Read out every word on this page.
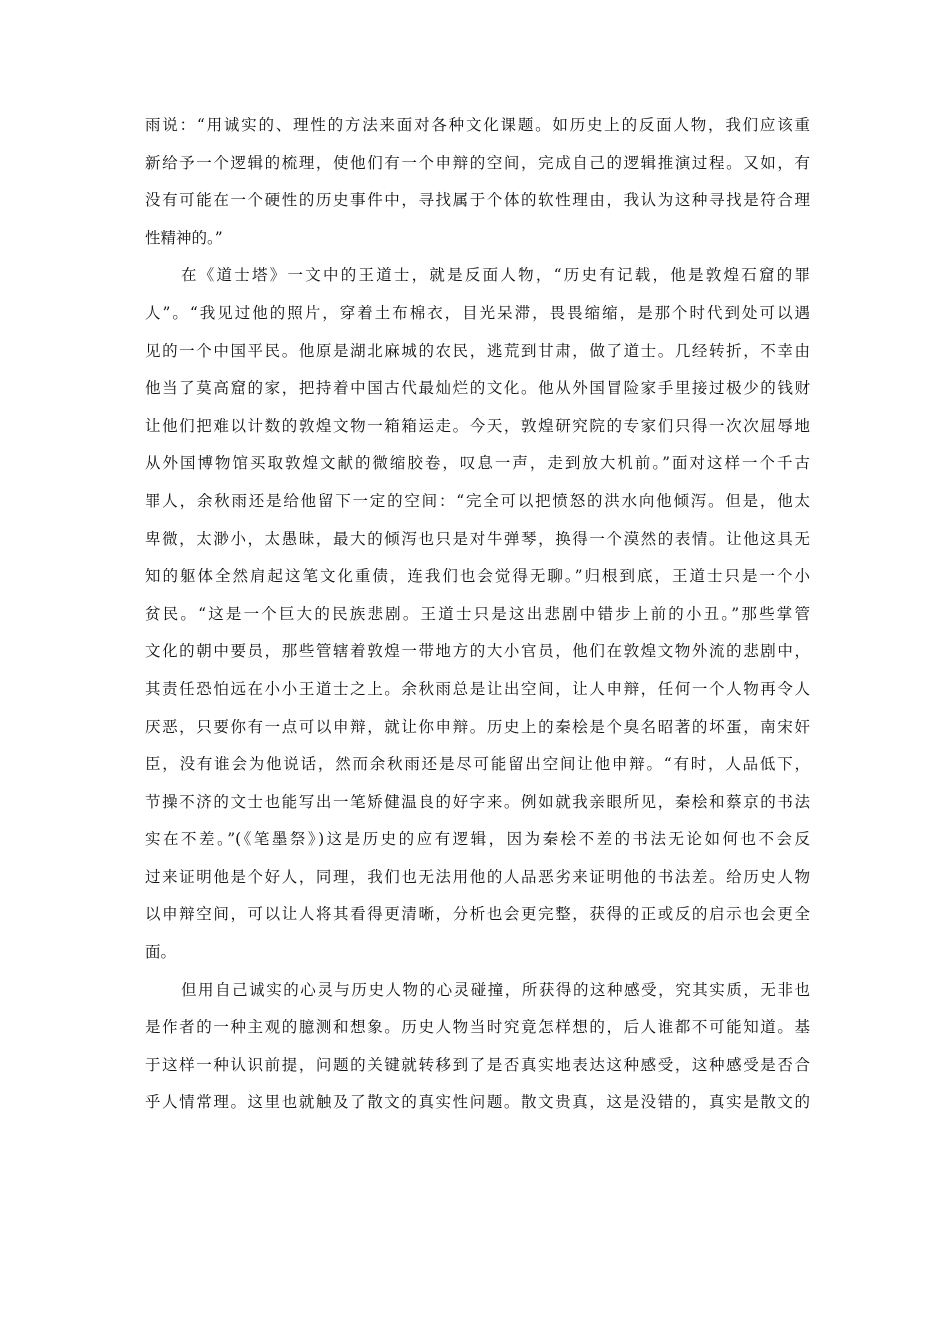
雨说：“用诚实的、理性的方法来面对各种文化课题。如历史上的反面人物，我们应该重
新给予一个逻辑的梳理，使他们有一个申辩的空间，完成自己的逻辑推演过程。又如，有
没有可能在一个硬性的历史事件中，寻找属于个体的软性理由，我认为这种寻找是符合理
性精神的。”
在《道士塔》一文中的王道士，就是反面人物，“历史有记载，他是敦煌石窟的罪
人”。“我见过他的照片，穿着土布棉衣，目光呆滞，畏畏缩缩，是那个时代到处可以遇
见的一个中国平民。他原是湖北麻城的农民，逃荒到甘肃，做了道士。几经转折，不幸由
他当了莫高窟的家，把持着中国古代最灿烂的文化。他从外国冒险家手里接过极少的钱财
让他们把难以计数的敦煌文物一箱箱运走。今天，敦煌研究院的专家们只得一次次屈辱地
从外国博物馆买取敦煌文献的微缩胶卷，叹息一声，走到放大机前。”面对这样一个千古
罪人，余秋雨还是给他留下一定的空间：“完全可以把愤怒的洪水向他倾泻。但是，他太
卑微，太渺小，太愚昧，最大的倾泻也只是对牛弹琴，换得一个漠然的表情。让他这具无
知的躯体全然肩起这笔文化重债，连我们也会觉得无聊。”归根到底，王道士只是一个小
贫民。“这是一个巨大的民族悲剧。王道士只是这出悲剧中错步上前的小丑。”那些掌管
文化的朝中要员，那些管辖着敦煌一带地方的大小官员，他们在敦煌文物外流的悲剧中，
其责任恐怕远在小小王道士之上。余秋雨总是让出空间，让人申辩，任何一个人物再令人
厌恶，只要你有一点可以申辩，就让你申辩。历史上的秦桧是个臭名昭著的坏蛋，南宋奸
臣，没有谁会为他说话，然而余秋雨还是尽可能留出空间让他申辩。“有时，人品低下，
节操不济的文士也能写出一笔矫健温良的好字来。例如就我亲眼所见，秦桧和蔡京的书法
实在不差。”(《笔墨祭》)这是历史的应有逻辑，因为秦桧不差的书法无论如何也不会反
过来证明他是个好人，同理，我们也无法用他的人品恶劣来证明他的书法差。给历史人物
以申辩空间，可以让人将其看得更清晰，分析也会更完整，获得的正或反的启示也会更全
面。
但用自己诚实的心灵与历史人物的心灵碰撞，所获得的这种感受，究其实质，无非也
是作者的一种主观的臆测和想象。历史人物当时究竟怎样想的，后人谁都不可能知道。基
于这样一种认识前提，问题的关键就转移到了是否真实地表达这种感受，这种感受是否合
乎人情常理。这里也就触及了散文的真实性问题。散文贵真，这是没错的，真实是散文的
